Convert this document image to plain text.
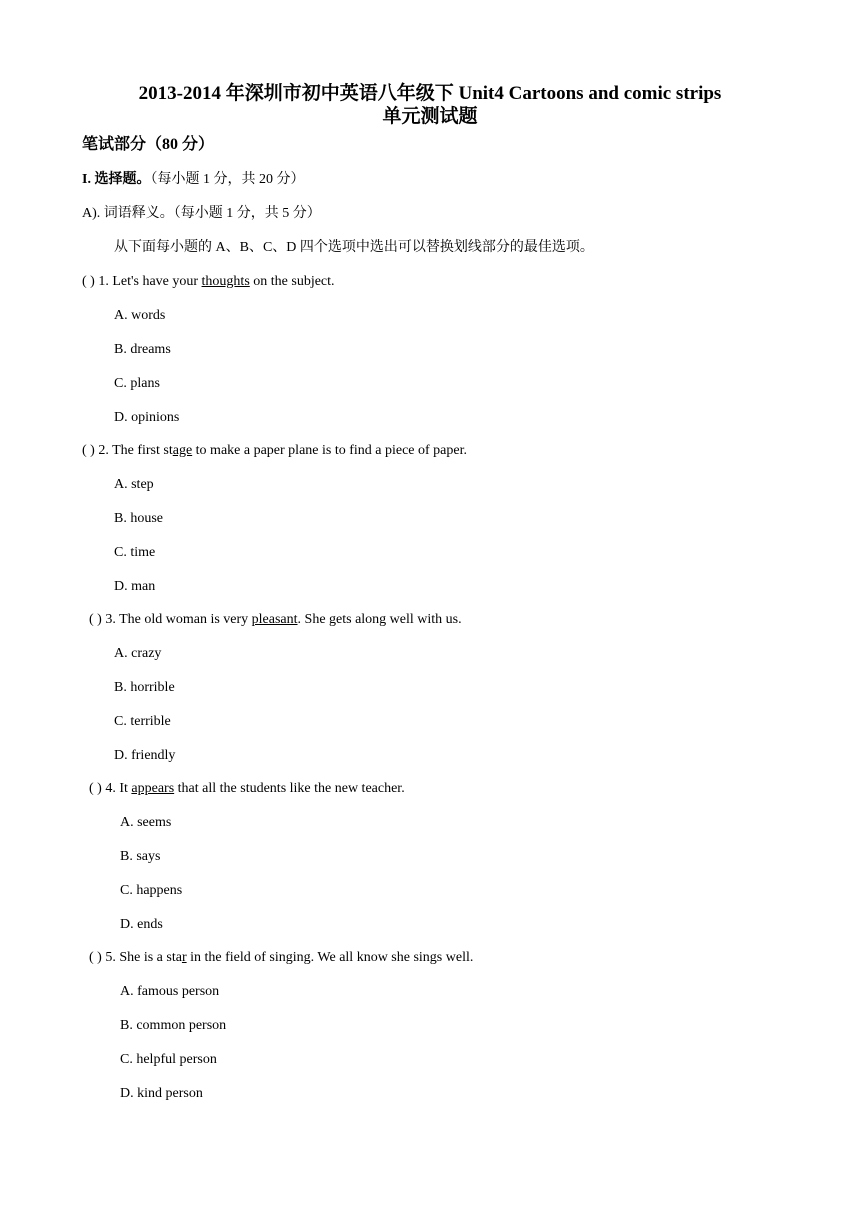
2013-2014 年深圳市初中英语八年级下 Unit4 Cartoons and comic strips
单元测试题
笔试部分（80 分）
I. 选择题。（每小题 1 分，共 20 分）
A). 词语释义。（每小题 1 分，共 5 分）
从下面每小题的 A、B、C、D 四个选项中选出可以替换划线部分的最佳选项。
( ) 1. Let's have your thoughts on the subject.
A. words
B. dreams
C. plans
D. opinions
( ) 2. The first stage to make a paper plane is to find a piece of paper.
A. step
B. house
C. time
D. man
( ) 3. The old woman is very pleasant. She gets along well with us.
A. crazy
B. horrible
C. terrible
D. friendly
( ) 4. It appears that all the students like the new teacher.
A. seems
B. says
C. happens
D. ends
( ) 5. She is a star in the field of singing. We all know she sings well.
A. famous person
B. common person
C. helpful person
D. kind person
